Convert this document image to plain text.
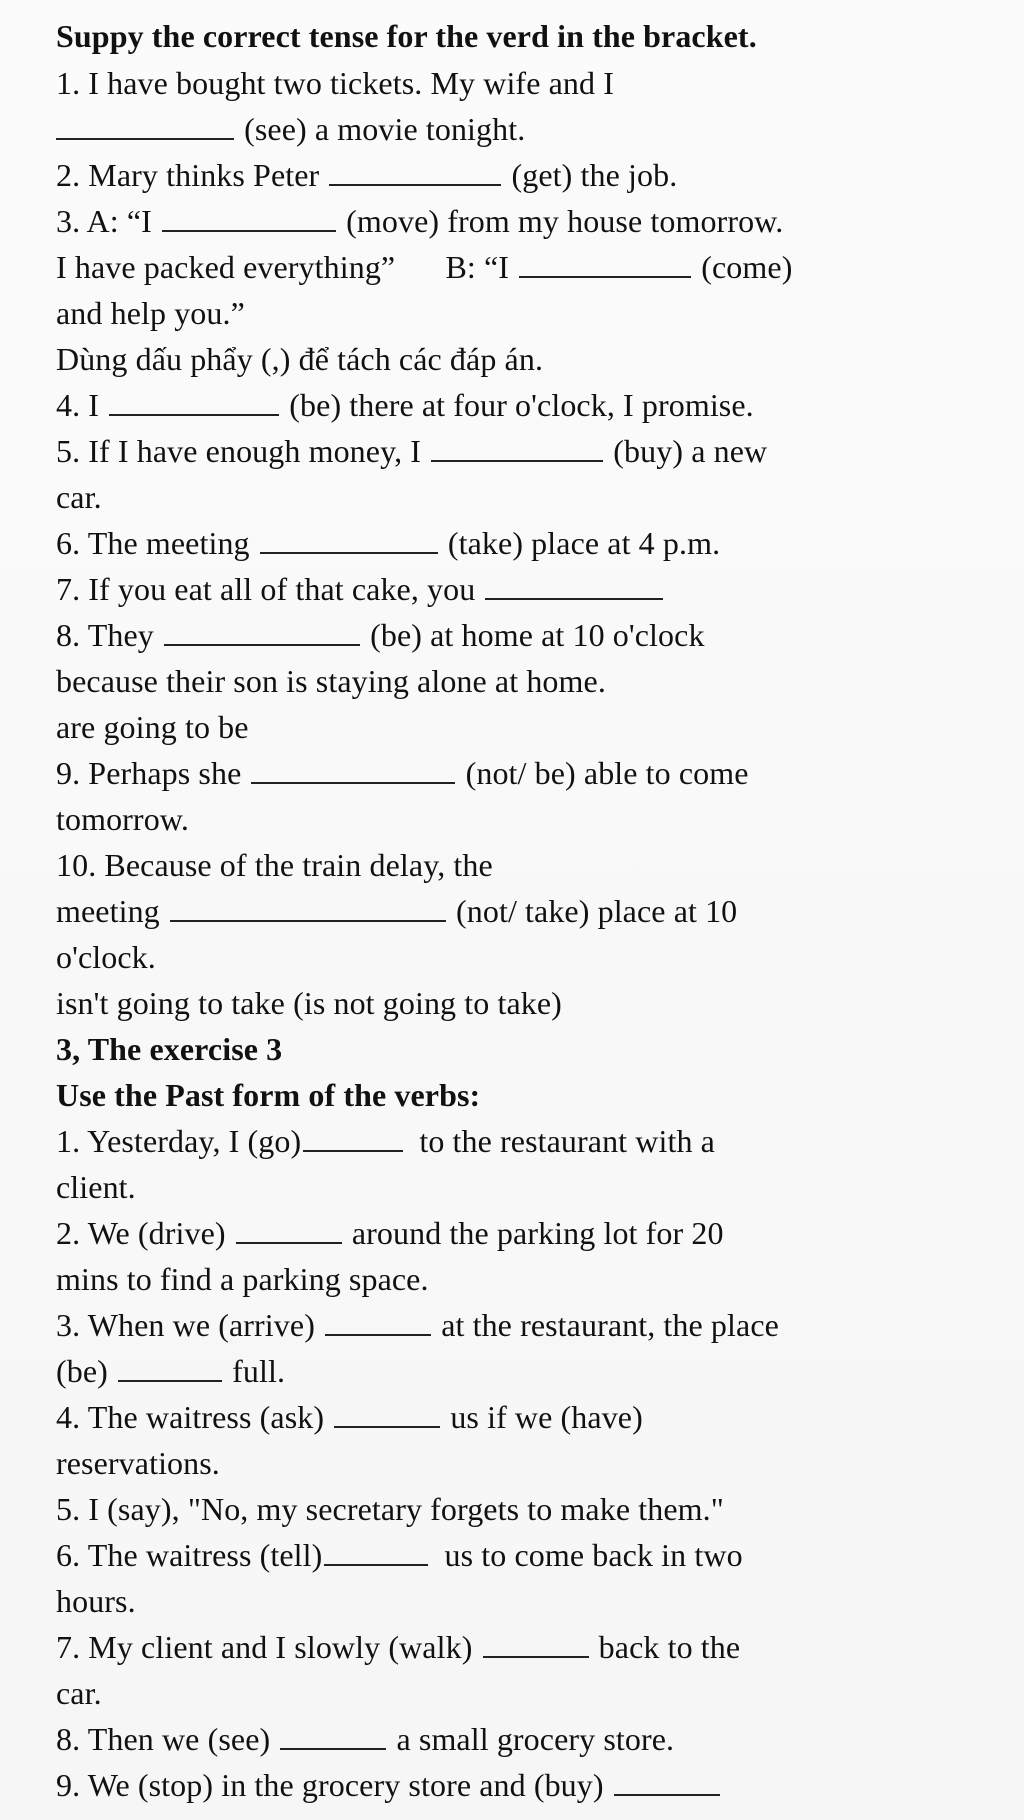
Suppy the correct tense for the verd in the bracket.
1. I have bought two tickets. My wife and I
(see) a movie tonight.
2. Mary thinks Peter	(get) the job.
3. A: “I	(move) from my house tomorrow.
I have packed everything” B: “I	(come)
and help you.”
Dùng dấu phẩy (,) để tách các đáp án.
4. I	(be) there at four o'clock, I promise.
5. If I have enough money, I	(buy) a new
car.
6. The meeting	(take) place at 4 p.m.
7. If you eat all of that cake, you
8. They	(be) at home at 10 o'clock
because their son is staying alone at home.
are going to be
9. Perhaps she	(not/ be) able to come
tomorrow.
10. Because of the train delay, the
meeting	(not/ take) place at 10
o'clock.
isn't going to take (is not going to take)
3, The exercise 3
Use the Past form of the verbs:
1. Yesterday, I (go)	to the restaurant with a
client.
2. We (drive)	around the parking lot for 20
mins to find a parking space.
3. When we (arrive)	at the restaurant, the place
(be)	full.
4. The waitress (ask)	us if we (have)
reservations.
5. I (say), "No, my secretary forgets to make them."
6. The waitress (tell)	us to come back in two
hours.
7. My client and I slowly (walk)	back to the
car.
8. Then we (see)	a small grocery store.
9. We (stop) in the grocery store and (buy)
